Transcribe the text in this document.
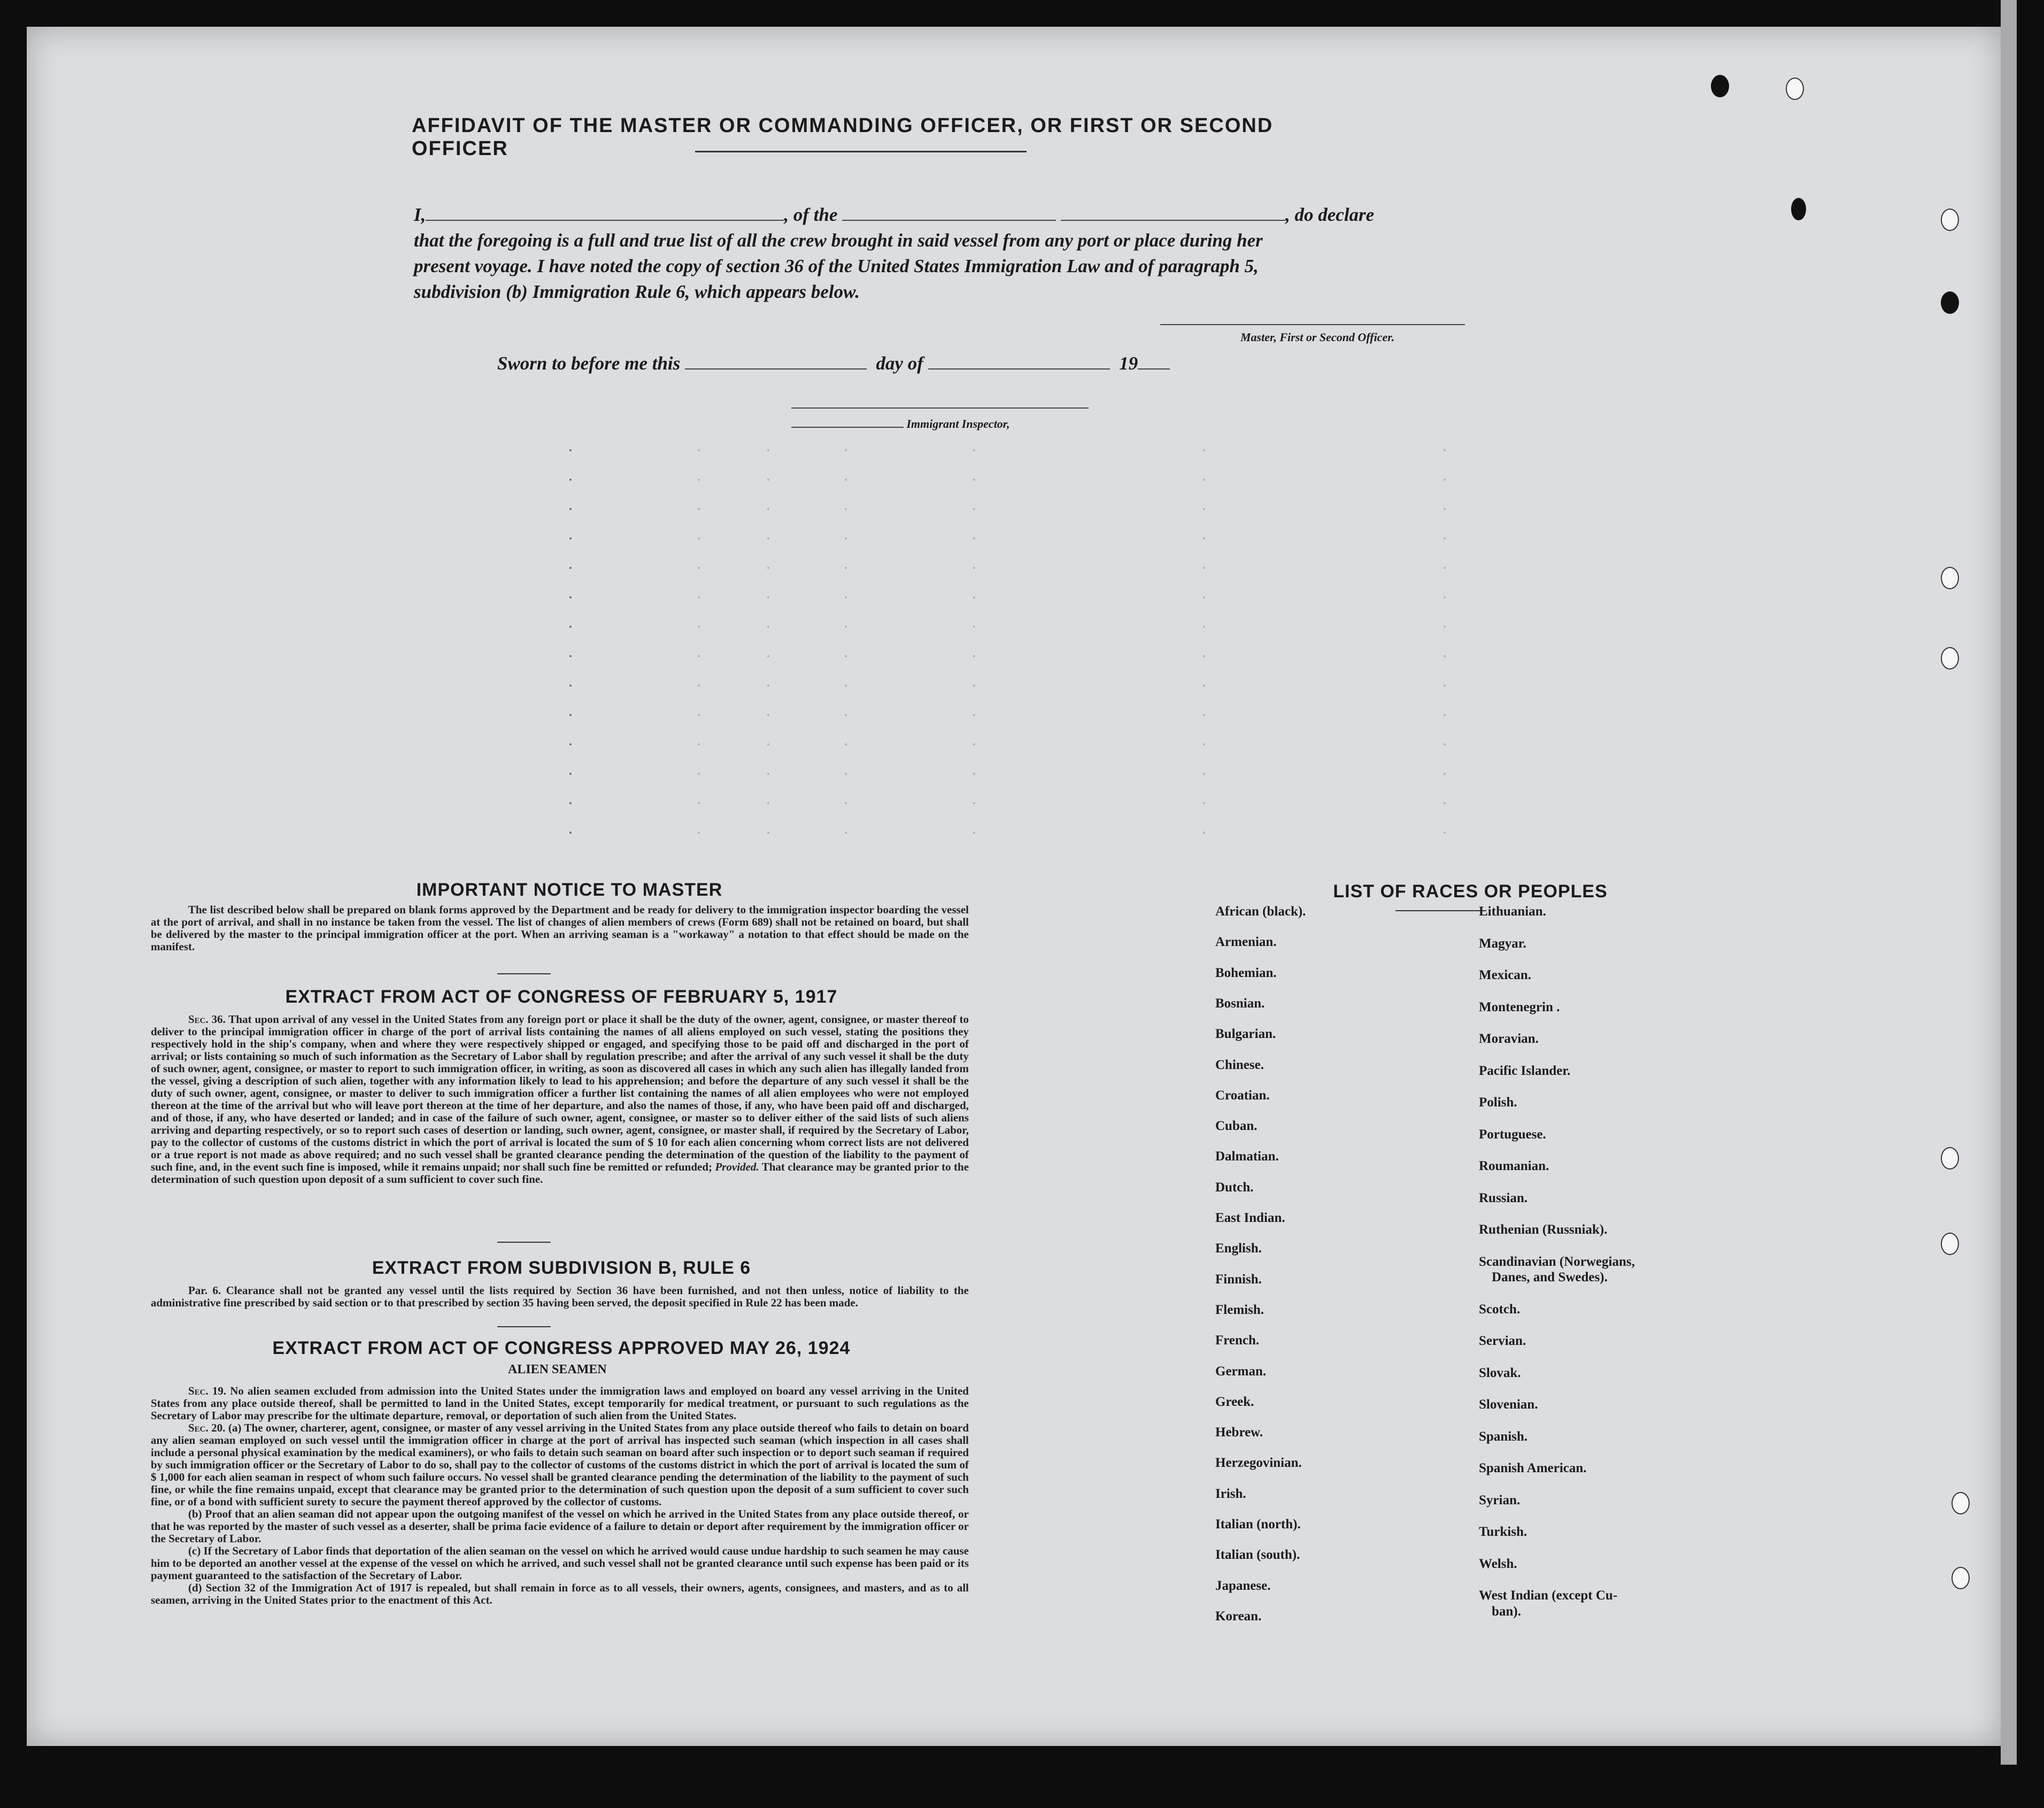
AFFIDAVIT OF THE MASTER OR COMMANDING OFFICER, OR FIRST OR SECOND OFFICER
I,	, of the	, do declare
that the foregoing is a full and true list of all the crew brought in said vessel from any port or place during her
present voyage. I have noted the copy of section 36 of the United States Immigration Law and of paragraph 5,
subdivision (b) Immigration Rule 6, which appears below.
Master, First or Second Officer.
Sworn to before me this	day of	19
Immigrant Inspector,
IMPORTANT NOTICE TO MASTER

The list described below shall be prepared on blank forms approved by the Department and be ready for delivery to the immigration inspector boarding the vessel at the port of arrival, and shall in no instance be taken from the vessel. The list of changes of alien members of crews (Form 689) shall not be retained on board, but shall be delivered by the master to the principal immigration officer at the port. When an arriving seaman is a "workaway" a notation to that effect should be made on the manifest.

EXTRACT FROM ACT OF CONGRESS OF FEBRUARY 5, 1917

Sec. 36. That upon arrival of any vessel in the United States from any foreign port or place it shall be the duty of the owner, agent, consignee, or master thereof to deliver to the principal immigration officer in charge of the port of arrival lists containing the names of all aliens employed on such vessel, stating the positions they respectively hold in the ship's company, when and where they were respectively shipped or engaged, and specifying those to be paid off and discharged in the port of arrival; or lists containing so much of such information as the Secretary of Labor shall by regulation prescribe; and after the arrival of any such vessel it shall be the duty of such owner, agent, consignee, or master to report to such immigration officer, in writing, as soon as discovered all cases in which any such alien has illegally landed from the vessel, giving a description of such alien, together with any information likely to lead to his apprehension; and before the departure of any such vessel it shall be the duty of such owner, agent, consignee, or master to deliver to such immigration officer a further list containing the names of all alien employees who were not employed thereon at the time of the arrival but who will leave port thereon at the time of her departure, and also the names of those, if any, who have been paid off and discharged, and of those, if any, who have deserted or landed; and in case of the failure of such owner, agent, consignee, or master so to deliver either of the said lists of such aliens arriving and departing respectively, or so to report such cases of desertion or landing, such owner, agent, consignee, or master shall, if required by the Secretary of Labor, pay to the collector of customs of the customs district in which the port of arrival is located the sum of $ 10 for each alien concerning whom correct lists are not delivered or a true report is not made as above required; and no such vessel shall be granted clearance pending the determination of the question of the liability to the payment of such fine, and, in the event such fine is imposed, while it remains unpaid; nor shall such fine be remitted or refunded; Provided. That clearance may be granted prior to the determination of such question upon deposit of a sum sufficient to cover such fine.

EXTRACT FROM SUBDIVISION B, RULE 6

Par. 6. Clearance shall not be granted any vessel until the lists required by Section 36 have been furnished, and not then unless, notice of liability to the administrative fine prescribed by said section or to that prescribed by section 35 having been served, the deposit specified in Rule 22 has been made.

EXTRACT FROM ACT OF CONGRESS APPROVED MAY 26, 1924
ALIEN SEAMEN

Sec. 19. No alien seamen excluded from admission into the United States under the immigration laws and employed on board any vessel arriving in the United States from any place outside thereof, shall be permitted to land in the United States, except temporarily for medical treatment, or pursuant to such regulations as the Secretary of Labor may prescribe for the ultimate departure, removal, or deportation of such alien from the United States.

Sec. 20. (a) The owner, charterer, agent, consignee, or master of any vessel arriving in the United States from any place outside thereof who fails to detain on board any alien seaman employed on such vessel until the immigration officer in charge at the port of arrival has inspected such seaman (which inspection in all cases shall include a personal physical examination by the medical examiners), or who fails to detain such seaman on board after such inspection or to deport such seaman if required by such immigration officer or the Secretary of Labor to do so, shall pay to the collector of customs of the customs district in which the port of arrival is located the sum of $ 1,000 for each alien seaman in respect of whom such failure occurs. No vessel shall be granted clearance pending the determination of the liability to the payment of such fine, or while the fine remains unpaid, except that clearance may be granted prior to the determination of such question upon the deposit of a sum sufficient to cover such fine, or of a bond with sufficient surety to secure the payment thereof approved by the collector of customs.

(b) Proof that an alien seaman did not appear upon the outgoing manifest of the vessel on which he arrived in the United States from any place outside thereof, or that he was reported by the master of such vessel as a deserter, shall be prima facie evidence of a failure to detain or deport after requirement by the immigration officer or the Secretary of Labor.

(c) If the Secretary of Labor finds that deportation of the alien seaman on the vessel on which he arrived would cause undue hardship to such seamen he may cause him to be deported an another vessel at the expense of the vessel on which he arrived, and such vessel shall not be granted clearance until such expense has been paid or its payment guaranteed to the satisfaction of the Secretary of Labor.

(d) Section 32 of the Immigration Act of 1917 is repealed, but shall remain in force as to all vessels, their owners, agents, consignees, and masters, and as to all seamen, arriving in the United States prior to the enactment of this Act.

LIST OF RACES OR PEOPLES
African (black).
Armenian.
Bohemian.
Bosnian.
Bulgarian.
Chinese.
Croatian.
Cuban.
Dalmatian.
Dutch.
East Indian.
English.
Finnish.
Flemish.
French.
German.
Greek.
Hebrew.
Herzegovinian.
Irish.
Italian (north).
Italian (south).
Japanese.
Korean.
Lithuanian.
Magyar.
Mexican.
Montenegrin .
Moravian.
Pacific Islander.
Polish.
Portuguese.
Roumanian.
Russian.
Ruthenian (Russniak).
Scandinavian (Norwegians,
Danes, and Swedes).
Scotch.
Servian.
Slovak.
Slovenian.
Spanish.
Spanish American.
Syrian.
Turkish.
Welsh.
West Indian (except Cu-
ban).
